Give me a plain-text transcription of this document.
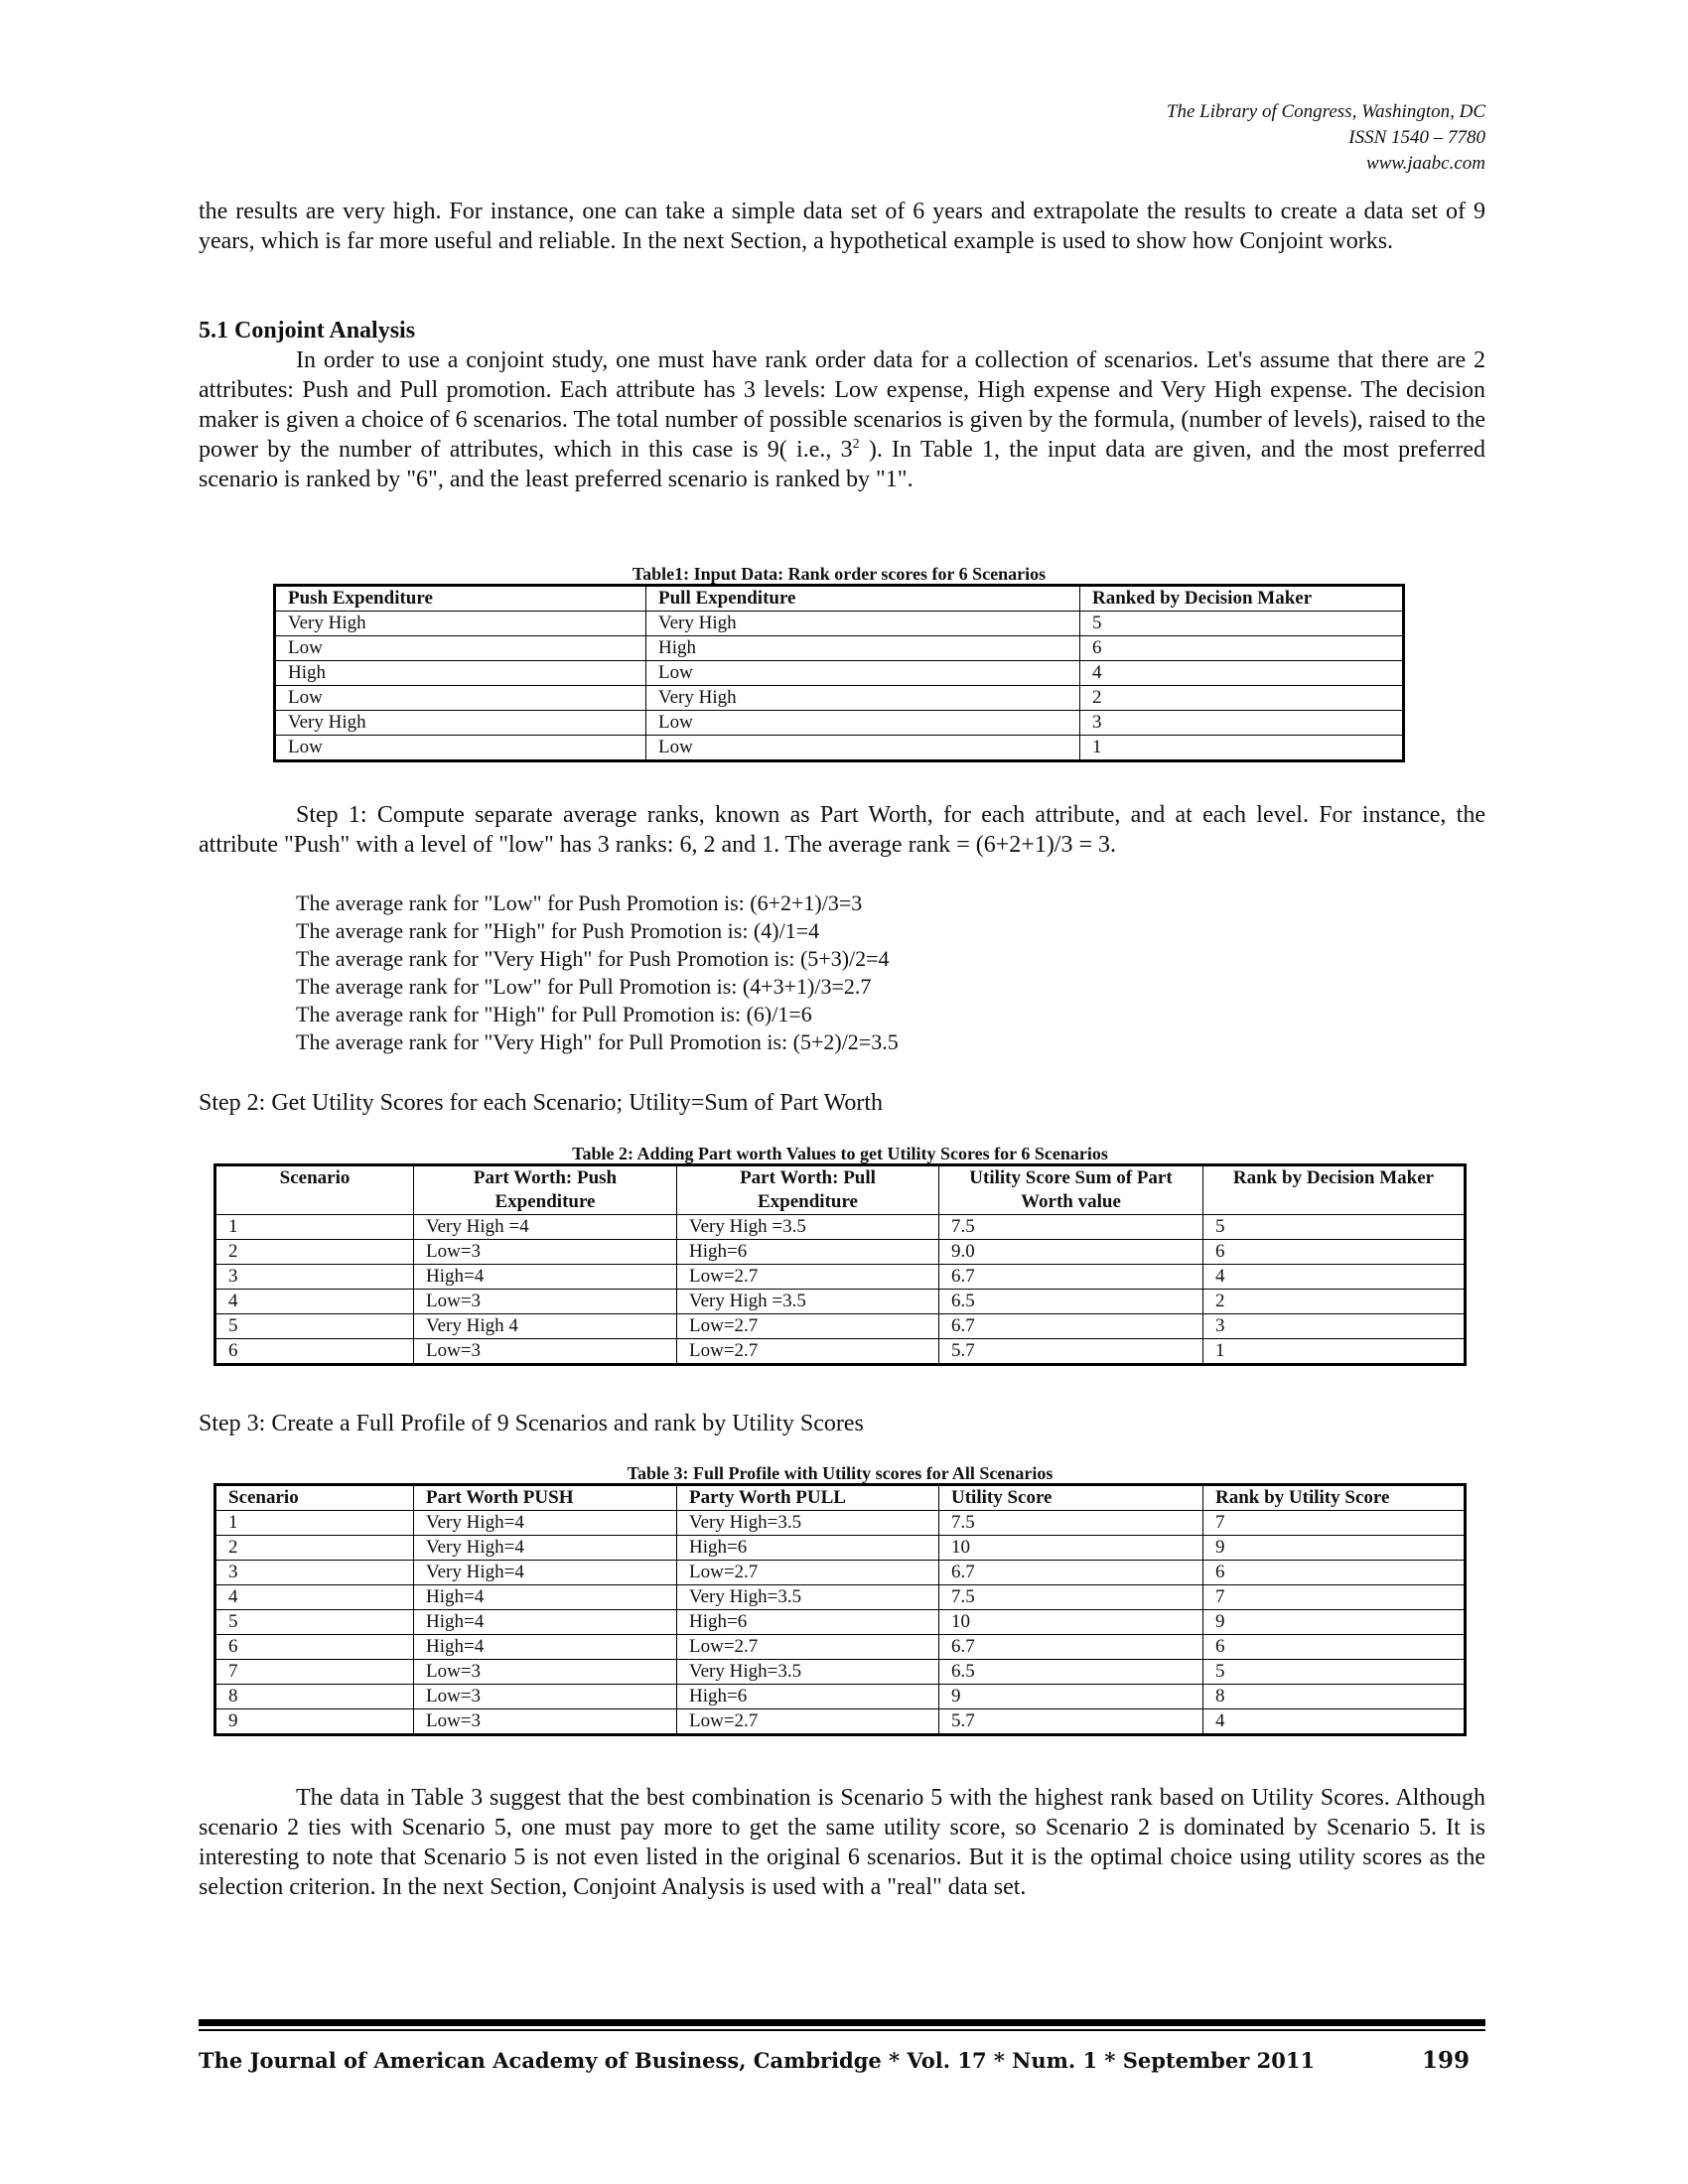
The Library of Congress, Washington, DC
ISSN 1540 – 7780
www.jaabc.com

the results are very high. For instance, one can take a simple data set of 6 years and extrapolate the results to create a data set of 9 years, which is far more useful and reliable. In the next Section, a hypothetical example is used to show how Conjoint works.

5.1 Conjoint Analysis

In order to use a conjoint study, one must have rank order data for a collection of scenarios. Let's assume that there are 2 attributes: Push and Pull promotion. Each attribute has 3 levels: Low expense, High expense and Very High expense. The decision maker is given a choice of 6 scenarios. The total number of possible scenarios is given by the formula, (number of levels), raised to the power by the number of attributes, which in this case is 9( i.e., $3^2$ ). In Table 1, the input data are given, and the most preferred scenario is ranked by "6", and the least preferred scenario is ranked by "1".

Table1: Input Data: Rank order scores for 6 Scenarios
Push Expenditure	Pull Expenditure	Ranked by Decision Maker
Very High	Very High	5
Low	High	6
High	Low	4
Low	Very High	2
Very High	Low	3
Low	Low	1

Step 1: Compute separate average ranks, known as Part Worth, for each attribute, and at each level. For instance, the attribute "Push" with a level of "low" has 3 ranks: 6, 2 and 1. The average rank = (6+2+1)/3 = 3.

The average rank for "Low" for Push Promotion is: (6+2+1)/3=3
The average rank for "High" for Push Promotion is: (4)/1=4
The average rank for "Very High" for Push Promotion is: (5+3)/2=4
The average rank for "Low" for Pull Promotion is: (4+3+1)/3=2.7
The average rank for "High" for Pull Promotion is: (6)/1=6
The average rank for "Very High" for Pull Promotion is: (5+2)/2=3.5

Step 2: Get Utility Scores for each Scenario; Utility=Sum of Part Worth

Table 2: Adding Part worth Values to get Utility Scores for 6 Scenarios
Scenario	Part Worth: Push Expenditure	Part Worth: Pull Expenditure	Utility Score Sum of Part Worth value	Rank by Decision Maker
1	Very High =4	Very High =3.5	7.5	5
2	Low=3	High=6	9.0	6
3	High=4	Low=2.7	6.7	4
4	Low=3	Very High =3.5	6.5	2
5	Very High 4	Low=2.7	6.7	3
6	Low=3	Low=2.7	5.7	1

Step 3: Create a Full Profile of 9 Scenarios and rank by Utility Scores

Table 3: Full Profile with Utility scores for All Scenarios
Scenario	Part Worth PUSH	Party Worth PULL	Utility Score	Rank by Utility Score
1	Very High=4	Very High=3.5	7.5	7
2	Very High=4	High=6	10	9
3	Very High=4	Low=2.7	6.7	6
4	High=4	Very High=3.5	7.5	7
5	High=4	High=6	10	9
6	High=4	Low=2.7	6.7	6
7	Low=3	Very High=3.5	6.5	5
8	Low=3	High=6	9	8
9	Low=3	Low=2.7	5.7	4

The data in Table 3 suggest that the best combination is Scenario 5 with the highest rank based on Utility Scores. Although scenario 2 ties with Scenario 5, one must pay more to get the same utility score, so Scenario 2 is dominated by Scenario 5. It is interesting to note that Scenario 5 is not even listed in the original 6 scenarios. But it is the optimal choice using utility scores as the selection criterion. In the next Section, Conjoint Analysis is used with a "real" data set.

The Journal of American Academy of Business, Cambridge * Vol. 17 * Num. 1 * September 2011	199
